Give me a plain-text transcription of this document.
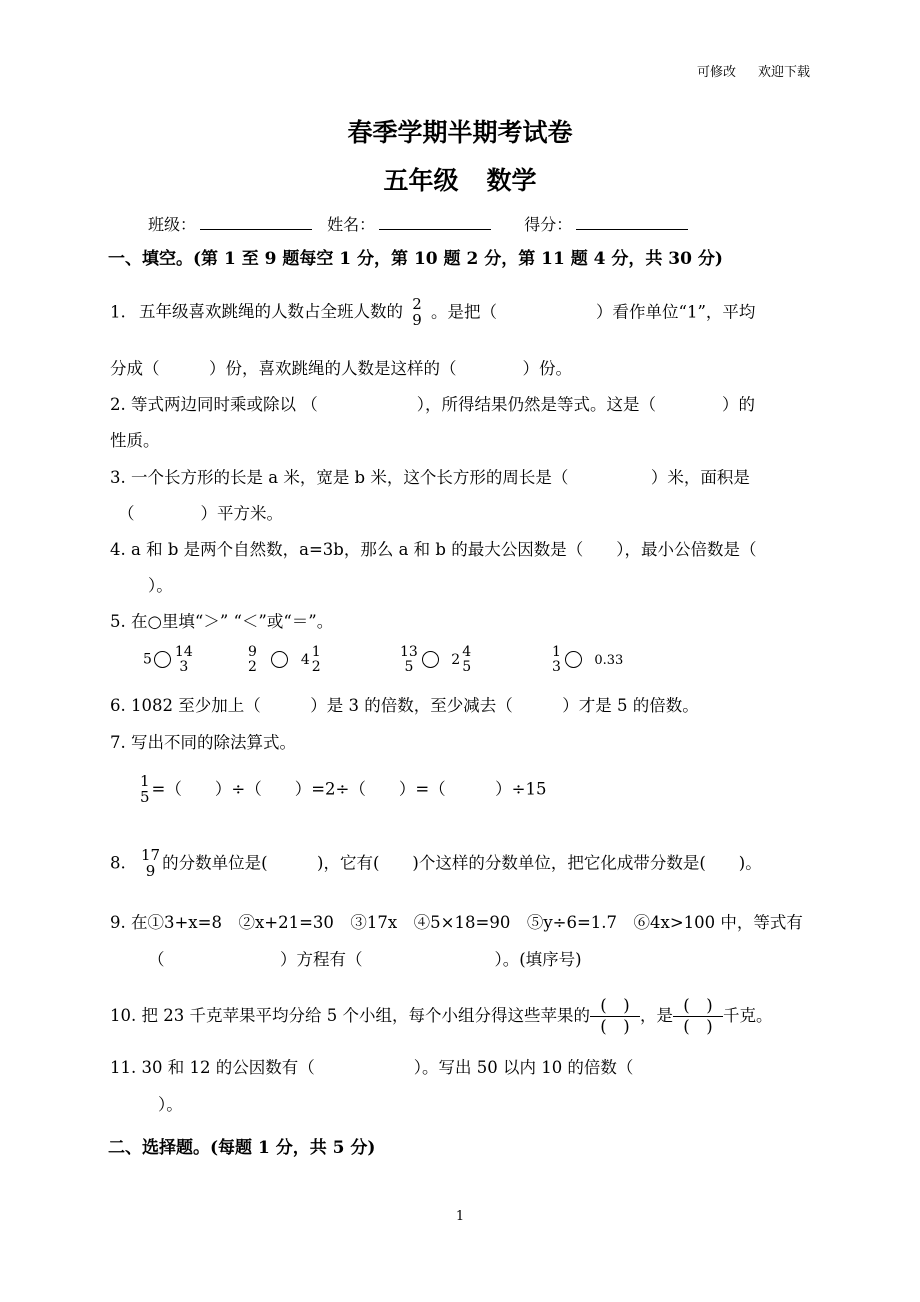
可修改 欢迎下载
春季学期半期考试卷
五年级 数学
班级：	姓名：	得分：
一、填空。(第 1 至 9 题每空 1 分，第 10 题 2 分，第 11 题 4 分，共 30 分)
1. 五年级喜欢跳绳的人数占全班人数的 2
9 。是把（　　　　　　）看作单位“1”，平均
分成（　　　）份，喜欢跳绳的人数是这样的（　　　　）份。
2. 等式两边同时乘或除以 （　　　　　　），所得结果仍然是等式。这是（　　　　）的
性质。
3. 一个长方形的长是 a 米，宽是 b 米，这个长方形的周长是（　　　　　）米，面积是
（　　　　）平方米。
4. a 和 b 是两个自然数，a=3b，那么 a 和 b 的最大公因数是（　　），最小公倍数是（
）。
5. 在○里填“＞” “＜”或“＝”。
5 14
3
9
2	4 1
2
13
5	2 4
5
1
3	0.33
6. 1082 至少加上（　　　）是 3 的倍数，至少减去（　　　）才是 5 的倍数。
7. 写出不同的除法算式。
1
5 =（　　）÷（　　）=2÷（　　）=（　　　）÷15
8. 17
9 的分数单位是(　　　)，它有(　　)个这样的分数单位，把它化成带分数是(　　)。
9. 在①3+x=8　②x+21=30　③17x　④5×18=90　⑤y÷6=1.7　⑥4x>100 中，等式有
（　　　　　　　）方程有（　　　　　　　　）。(填序号)
10. 把 23 千克苹果平均分给 5 个小组，每个小组分得这些苹果的
(　)
(　)，是
(　)
(　)千克。
11. 30 和 12 的公因数有（　　　　　　）。写出 50 以内 10 的倍数（
）。
二、选择题。(每题 1 分，共 5 分)
1
